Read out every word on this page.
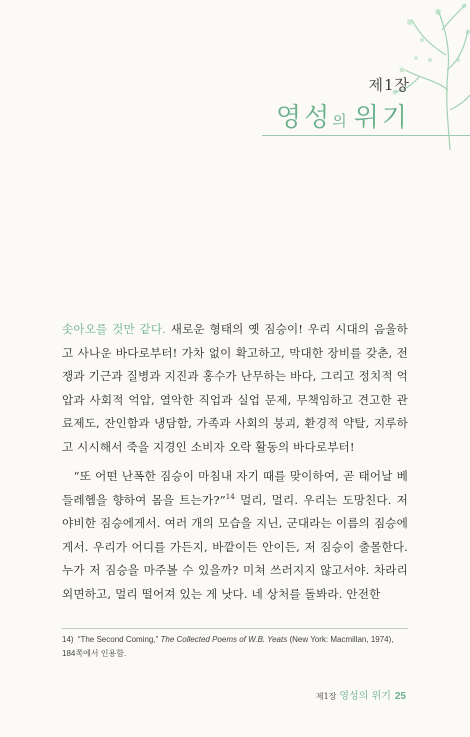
제1장
영성의 위기

솟아오를 것만 같다. 새로운 형태의 옛 짐승이! 우리 시대의 음울하고 사나운 바다로부터! 가차 없이 확고하고, 막대한 장비를 갖춘, 전쟁과 기근과 질병과 지진과 홍수가 난무하는 바다, 그리고 정치적 억압과 사회적 억압, 열악한 직업과 실업 문제, 무책임하고 견고한 관료제도, 잔인함과 냉담함, 가족과 사회의 붕괴, 환경적 약탈, 지루하고 시시해서 죽을 지경인 소비자 오락 활동의 바다로부터!

“또 어떤 난폭한 짐승이 마침내 자기 때를 맞이하여, 곧 태어날 베들레헴을 향하여 몸을 트는가?”$^{14}$ 멀리, 멀리. 우리는 도망친다. 저 야비한 짐승에게서. 여러 개의 모습을 지닌, 군대라는 이름의 짐승에게서. 우리가 어디를 가든지, 바깥이든 안이든, 저 짐승이 출몰한다. 누가 저 짐승을 마주볼 수 있을까? 미쳐 쓰러지지 않고서야. 차라리 외면하고, 멀리 떨어져 있는 게 낫다. 네 상처를 돌봐라. 안전한

14) “The Second Coming,” The Collected Poems of W.B. Yeats (New York: Macmillan, 1974), 184쪽에서 인용함.
제1장 영성의 위기 25
